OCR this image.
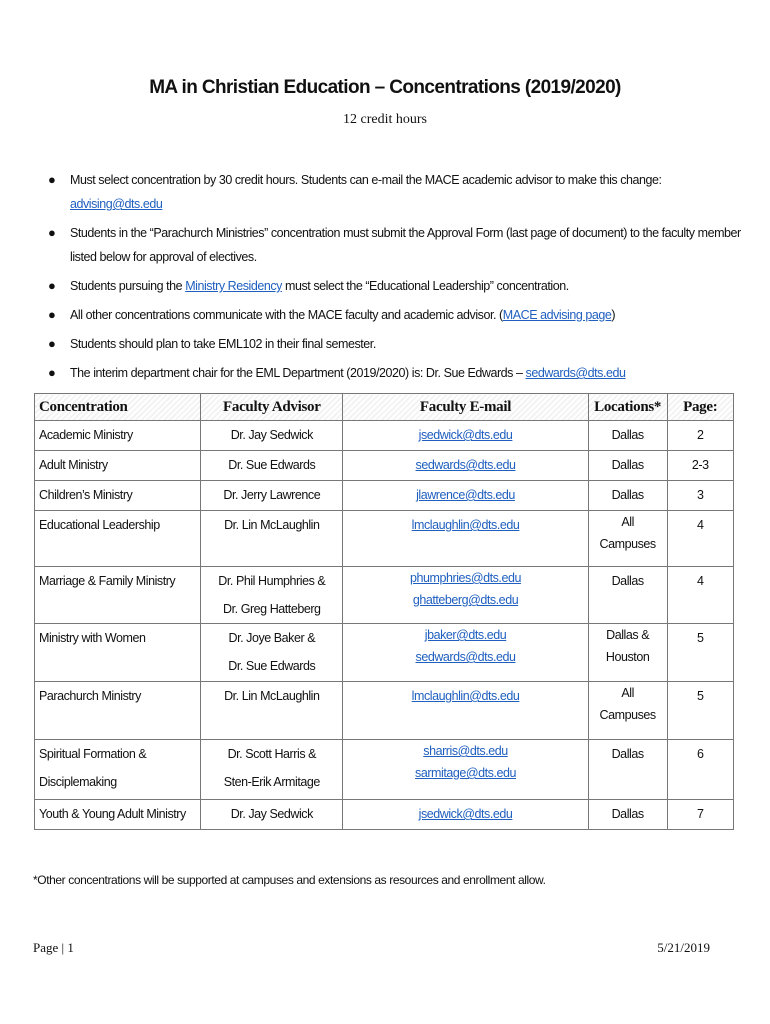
MA in Christian Education – Concentrations (2019/2020)
12 credit hours
● Must select concentration by 30 credit hours. Students can e-mail the MACE academic advisor to make this change: advising@dts.edu
● Students in the “Parachurch Ministries” concentration must submit the Approval Form (last page of document) to the faculty member listed below for approval of electives.
● Students pursuing the Ministry Residency must select the “Educational Leadership” concentration.
● All other concentrations communicate with the MACE faculty and academic advisor. (MACE advising page)
● Students should plan to take EML102 in their final semester.
● The interim department chair for the EML Department (2019/2020) is: Dr. Sue Edwards – sedwards@dts.edu
Concentration	Faculty Advisor	Faculty E-mail	Locations*	Page:

Academic Ministry	Dr. Jay Sedwick	jsedwick@dts.edu	Dallas	2

Adult Ministry	Dr. Sue Edwards	sedwards@dts.edu	Dallas	2-3

Children’s Ministry	Dr. Jerry Lawrence	jlawrence@dts.edu	Dallas	3

Educational Leadership	Dr. Lin McLaughlin	lmclaughlin@dts.edu	All
Campuses	4

Marriage & Family Ministry	Dr. Phil Humphries &
Dr. Greg Hatteberg	phumphries@dts.edu
ghatteberg@dts.edu	Dallas	4

Ministry with Women	Dr. Joye Baker &
Dr. Sue Edwards	jbaker@dts.edu
sedwards@dts.edu	Dallas &
Houston	5

Parachurch Ministry	Dr. Lin McLaughlin	lmclaughlin@dts.edu	All
Campuses	5

Spiritual Formation &
Disciplemaking	Dr. Scott Harris &
Sten-Erik Armitage	sharris@dts.edu
sarmitage@dts.edu	Dallas	6

Youth & Young Adult Ministry	Dr. Jay Sedwick	jsedwick@dts.edu	Dallas	7
*Other concentrations will be supported at campuses and extensions as resources and enrollment allow.
Page | 1	5/21/2019
